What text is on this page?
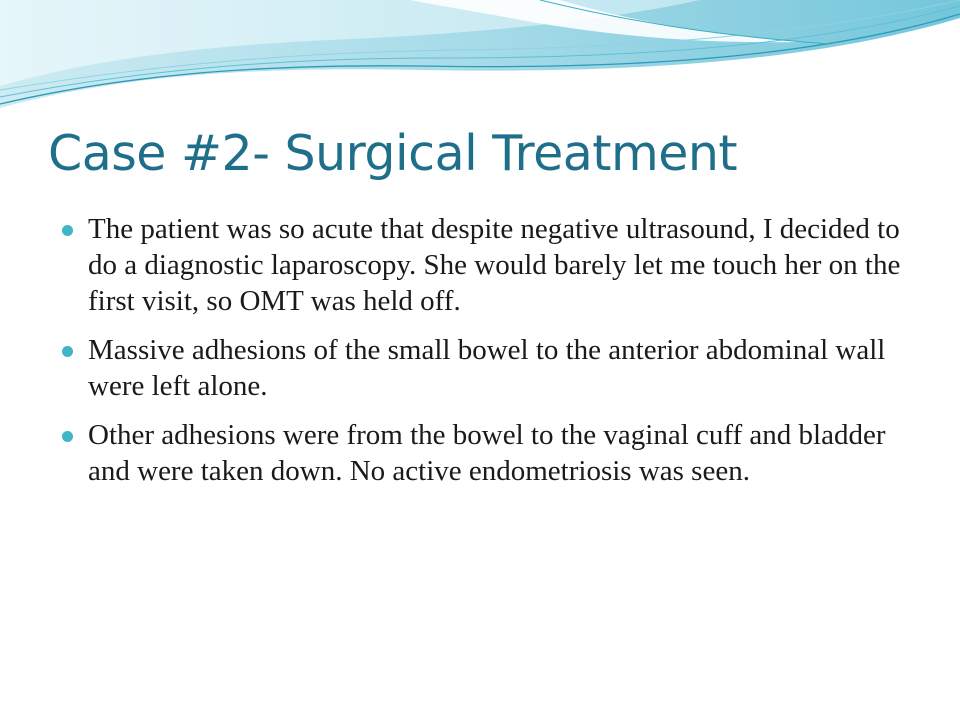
Case #2- Surgical Treatment
The patient was so acute that despite negative ultrasound, I decided to do a diagnostic laparoscopy. She would barely let me touch her on the first visit, so OMT was held off.
Massive adhesions of the small bowel to the anterior abdominal wall were left alone.
Other adhesions were from the bowel to the vaginal cuff and bladder and were taken down. No active endometriosis was seen.
